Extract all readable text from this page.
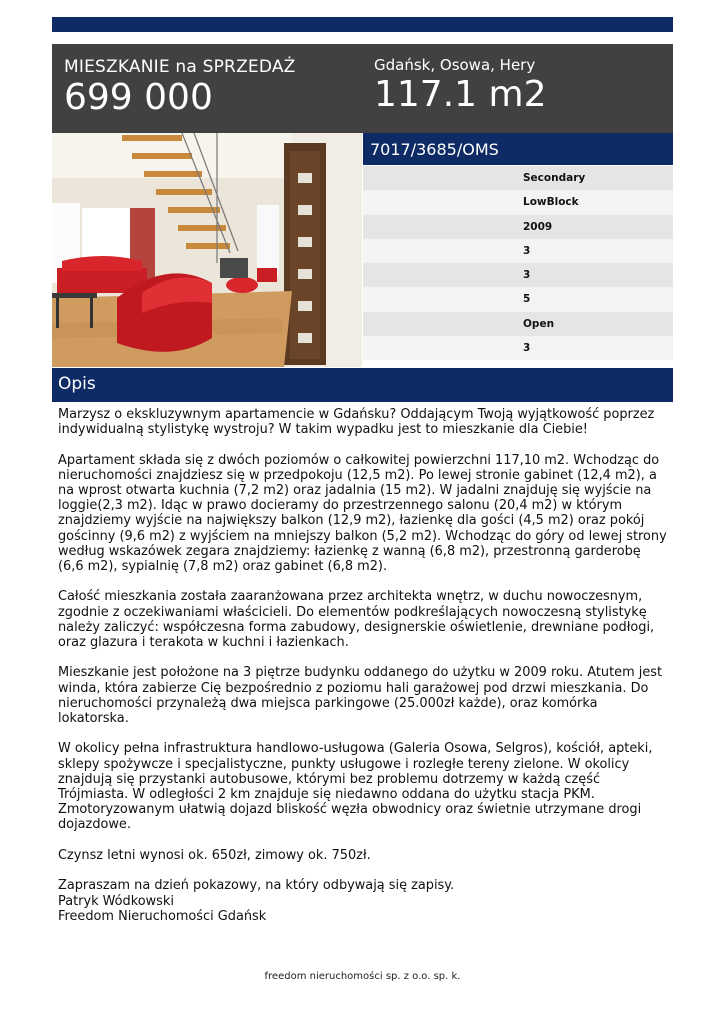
MIESZKANIE na SPRZEDAŻ
699 000
Gdańsk, Osowa, Hery
117.1 m2
7017/3685/OMS
Secondary
LowBlock
2009
3
3
5
Open
3
Opis

Marzysz o ekskluzywnym apartamencie w Gdańsku? Oddającym Twoją wyjątkowość poprzez indywidualną stylistykę wystroju? W takim wypadku jest to mieszkanie dla Ciebie!

Apartament składa się z dwóch poziomów o całkowitej powierzchni 117,10 m2. Wchodząc do nieruchomości znajdziesz się w przedpokoju (12,5 m2). Po lewej stronie gabinet (12,4 m2), a na wprost otwarta kuchnia (7,2 m2) oraz jadalnia (15 m2). W jadalni znajduję się wyjście na loggie(2,3 m2). Idąc w prawo docieramy do przestrzennego salonu (20,4 m2) w którym znajdziemy wyjście na największy balkon (12,9 m2), łazienkę dla gości (4,5 m2) oraz pokój gościnny (9,6 m2) z wyjściem na mniejszy balkon (5,2 m2). Wchodząc do góry od lewej strony według wskazówek zegara znajdziemy: łazienkę z wanną (6,8 m2), przestronną garderobę (6,6 m2), sypialnię (7,8 m2) oraz gabinet (6,8 m2).

Całość mieszkania została zaaranżowana przez architekta wnętrz, w duchu nowoczesnym, zgodnie z oczekiwaniami właścicieli. Do elementów podkreślających nowoczesną stylistykę należy zaliczyć: współczesna forma zabudowy, designerskie oświetlenie, drewniane podłogi, oraz glazura i terakota w kuchni i łazienkach.

Mieszkanie jest położone na 3 piętrze budynku oddanego do użytku w 2009 roku. Atutem jest winda, która zabierze Cię bezpośrednio z poziomu hali garażowej pod drzwi mieszkania. Do nieruchomości przynależą dwa miejsca parkingowe (25.000zł każde), oraz komórka lokatorska.

W okolicy pełna infrastruktura handlowo-usługowa (Galeria Osowa, Selgros), kościół, apteki, sklepy spożywcze i specjalistyczne, punkty usługowe i rozległe tereny zielone. W okolicy znajdują się przystanki autobusowe, którymi bez problemu dotrzemy w każdą część Trójmiasta. W odległości 2 km znajduje się niedawno oddana do użytku stacja PKM. Zmotoryzowanym ułatwią dojazd bliskość węzła obwodnicy oraz świetnie utrzymane drogi dojazdowe.

Czynsz letni wynosi ok. 650zł, zimowy ok. 750zł.

Zapraszam na dzień pokazowy, na który odbywają się zapisy.

Patryk Wódkowski
Freedom Nieruchomości Gdańsk
freedom nieruchomości sp. z o.o. sp. k.
